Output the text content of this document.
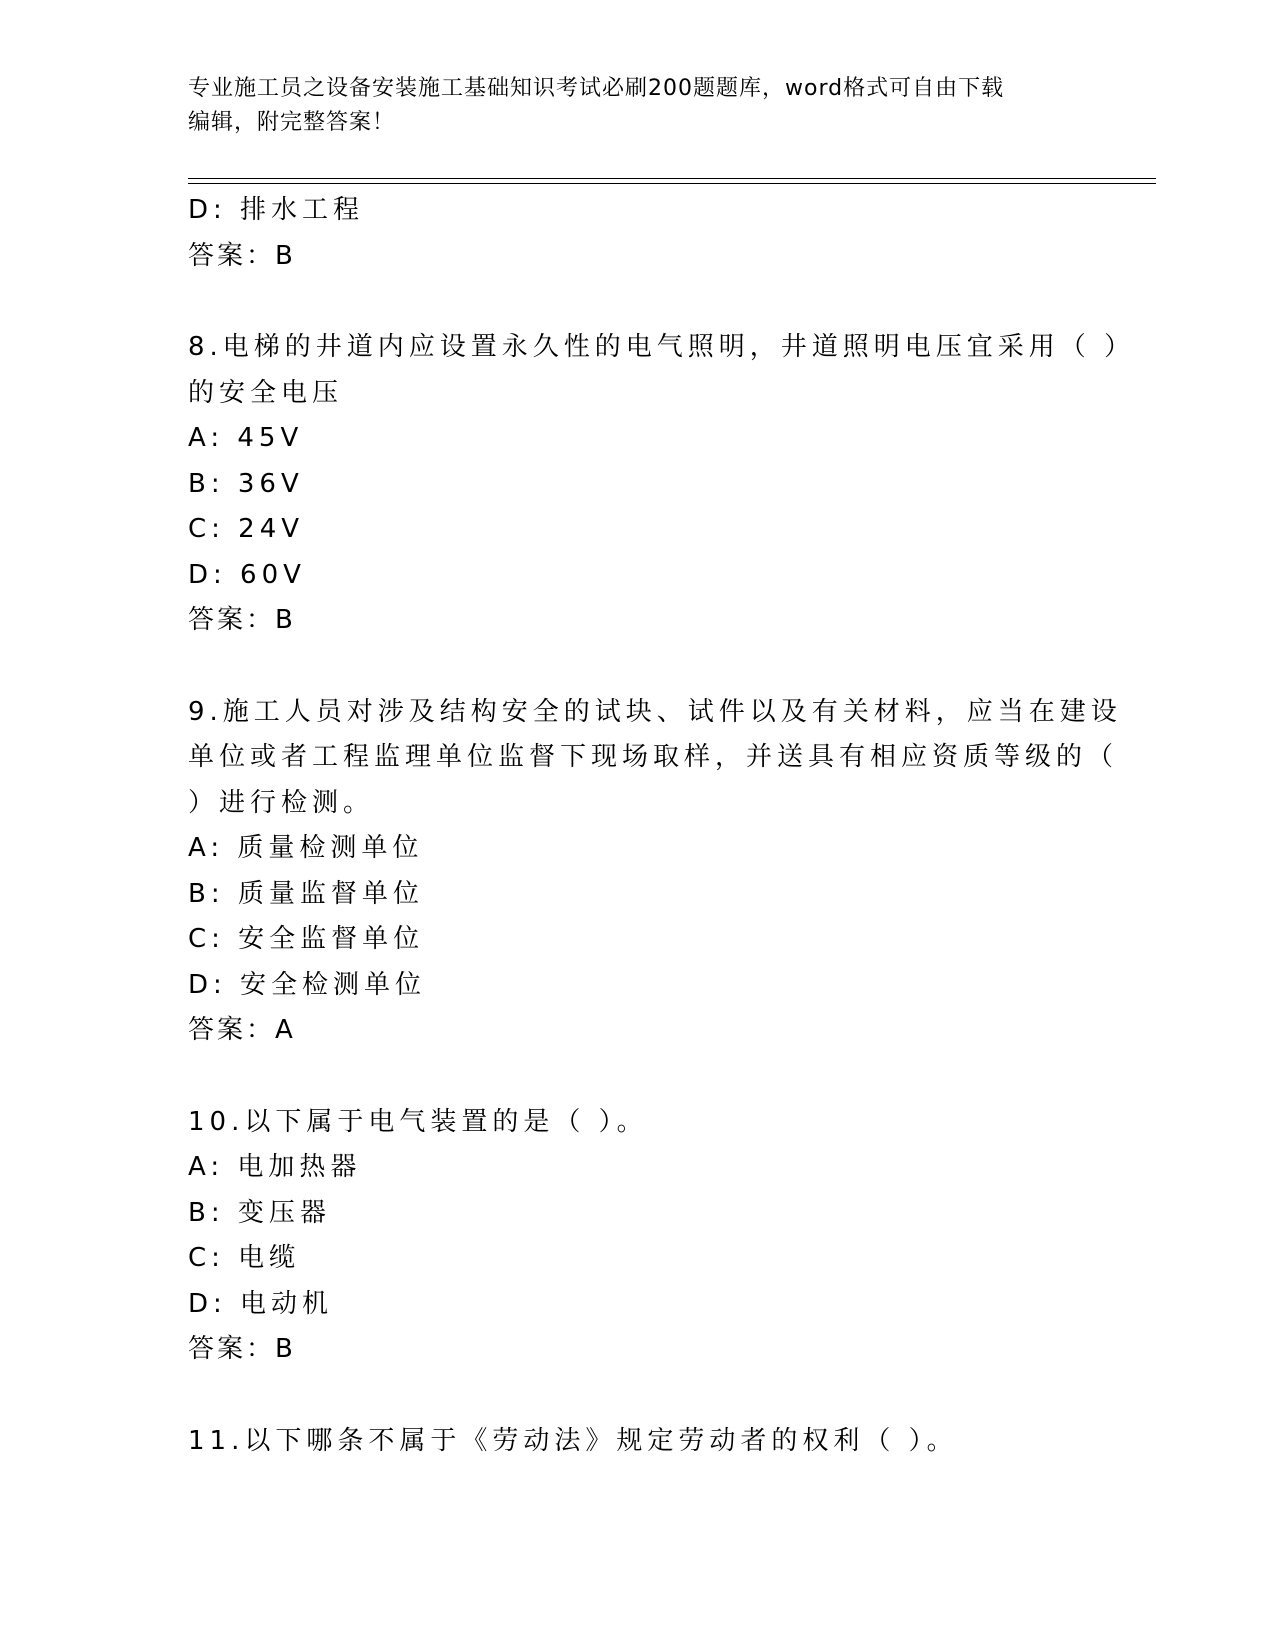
专业施工员之设备安装施工基础知识考试必刷200题题库，word格式可自由下载
编辑，附完整答案！
D: 排水工程
答案：B
8.电梯的井道内应设置永久性的电气照明，井道照明电压宜采用（ ）
的安全电压
A: 45V
B: 36V
C: 24V
D: 60V
答案：B
9.施工人员对涉及结构安全的试块、试件以及有关材料，应当在建设
单位或者工程监理单位监督下现场取样，并送具有相应资质等级的（
）进行检测。
A: 质量检测单位
B: 质量监督单位
C: 安全监督单位
D: 安全检测单位
答案：A
10.以下属于电气装置的是（ ）。
A: 电加热器
B: 变压器
C: 电缆
D: 电动机
答案：B
11.以下哪条不属于《劳动法》规定劳动者的权利（ ）。
